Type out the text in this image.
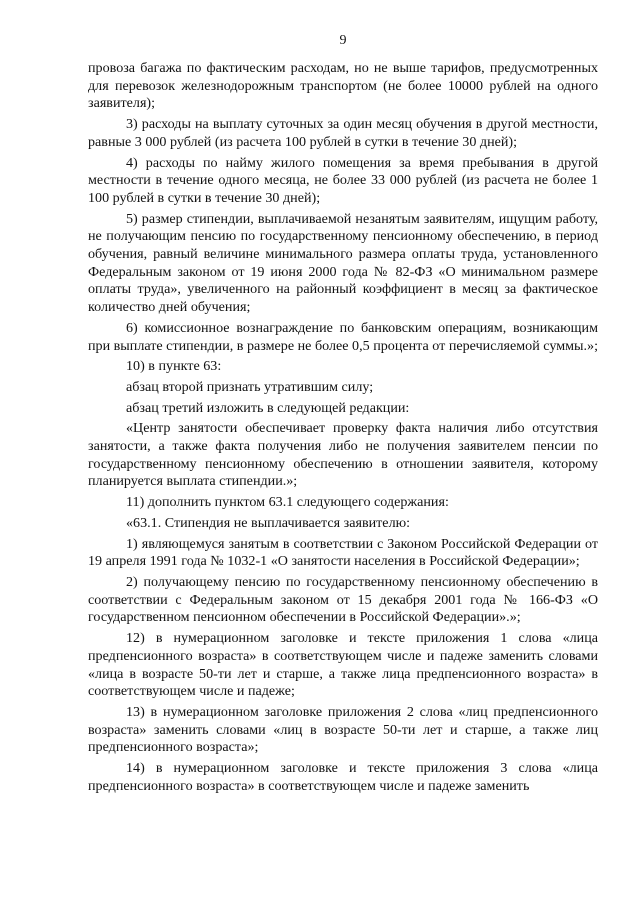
9

провоза багажа по фактическим расходам, но не выше тарифов, предусмотренных для перевозок железнодорожным транспортом (не более 10000 рублей на одного заявителя);

3) расходы на выплату суточных за один месяц обучения в другой местности, равные 3 000 рублей (из расчета 100 рублей в сутки в течение 30 дней);

4) расходы по найму жилого помещения за время пребывания в другой местности в течение одного месяца, не более 33 000 рублей (из расчета не более 1 100 рублей в сутки в течение 30 дней);

5) размер стипендии, выплачиваемой незанятым заявителям, ищущим работу, не получающим пенсию по государственному пенсионному обеспечению, в период обучения, равный величине минимального размера оплаты труда, установленного Федеральным законом от 19 июня 2000 года № 82-ФЗ «О минимальном размере оплаты труда», увеличенного на районный коэффициент в месяц за фактическое количество дней обучения;

6) комиссионное вознаграждение по банковским операциям, возникающим при выплате стипендии, в размере не более 0,5 процента от перечисляемой суммы.»;

10) в пункте 63:

абзац второй признать утратившим силу;

абзац третий изложить в следующей редакции:

«Центр занятости обеспечивает проверку факта наличия либо отсутствия занятости, а также факта получения либо не получения заявителем пенсии по государственному пенсионному обеспечению в отношении заявителя, которому планируется выплата стипендии.»;

11) дополнить пунктом 63.1 следующего содержания:

«63.1. Стипендия не выплачивается заявителю:

1) являющемуся занятым в соответствии с Законом Российской Федерации от 19 апреля 1991 года № 1032-1 «О занятости населения в Российской Федерации»;

2) получающему пенсию по государственному пенсионному обеспечению в соответствии с Федеральным законом от 15 декабря 2001 года № 166-ФЗ «О государственном пенсионном обеспечении в Российской Федерации».»;

12) в нумерационном заголовке и тексте приложения 1 слова «лица предпенсионного возраста» в соответствующем числе и падеже заменить словами «лица в возрасте 50-ти лет и старше, а также лица предпенсионного возраста» в соответствующем числе и падеже;

13) в нумерационном заголовке приложения 2 слова «лиц предпенсионного возраста» заменить словами «лиц в возрасте 50-ти лет и старше, а также лиц предпенсионного возраста»;

14) в нумерационном заголовке и тексте приложения 3 слова «лица предпенсионного возраста» в соответствующем числе и падеже заменить
